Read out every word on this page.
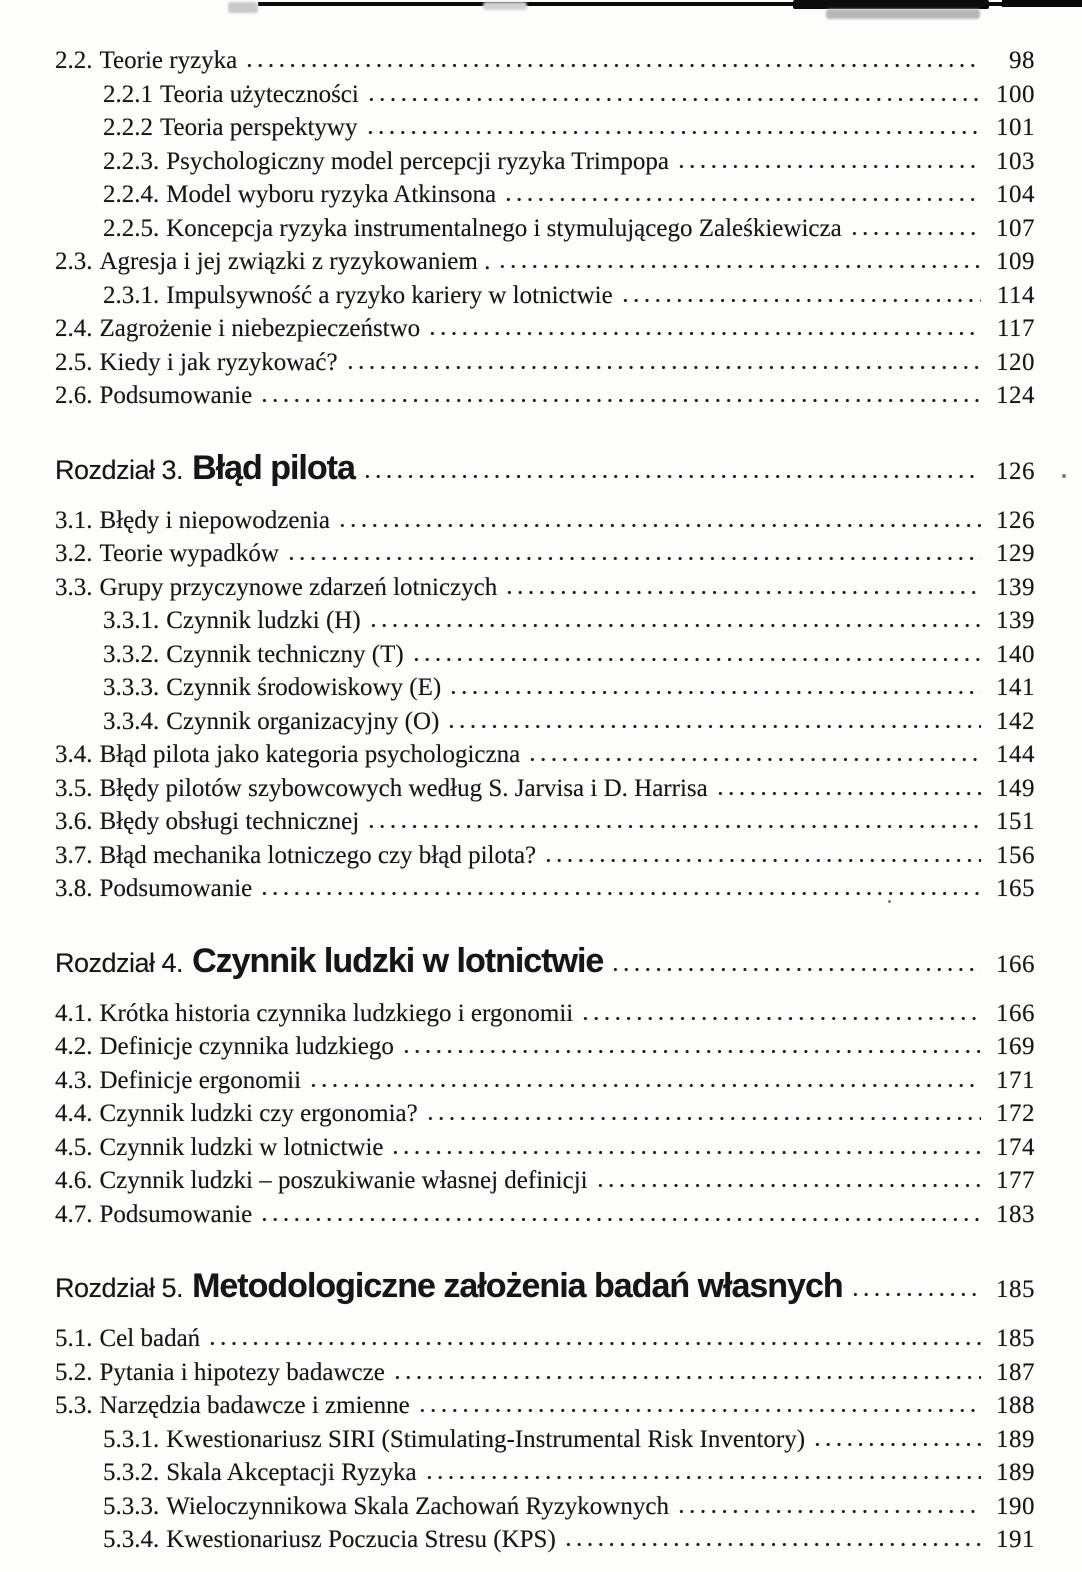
2.2. Teorie ryzyka	98
2.2.1 Teoria użyteczności	100
2.2.2 Teoria perspektywy	101
2.2.3. Psychologiczny model percepcji ryzyka Trimpopa	103
2.2.4. Model wyboru ryzyka Atkinsona	104
2.2.5. Koncepcja ryzyka instrumentalnego i stymulującego Zaleśkiewicza	107
2.3. Agresja i jej związki z ryzykowaniem .	109
2.3.1. Impulsywność a ryzyko kariery w lotnictwie	114
2.4. Zagrożenie i niebezpieczeństwo	117
2.5. Kiedy i jak ryzykować?	120
2.6. Podsumowanie	124
Rozdział 3. Błąd pilota	126
3.1. Błędy i niepowodzenia	126
3.2. Teorie wypadków	129
3.3. Grupy przyczynowe zdarzeń lotniczych	139
3.3.1. Czynnik ludzki (H)	139
3.3.2. Czynnik techniczny (T)	140
3.3.3. Czynnik środowiskowy (E)	141
3.3.4. Czynnik organizacyjny (O)	142
3.4. Błąd pilota jako kategoria psychologiczna	144
3.5. Błędy pilotów szybowcowych według S. Jarvisa i D. Harrisa	149
3.6. Błędy obsługi technicznej	151
3.7. Błąd mechanika lotniczego czy błąd pilota?	156
3.8. Podsumowanie	165
Rozdział 4. Czynnik ludzki w lotnictwie	166
4.1. Krótka historia czynnika ludzkiego i ergonomii	166
4.2. Definicje czynnika ludzkiego	169
4.3. Definicje ergonomii	171
4.4. Czynnik ludzki czy ergonomia?	172
4.5. Czynnik ludzki w lotnictwie	174
4.6. Czynnik ludzki – poszukiwanie własnej definicji	177
4.7. Podsumowanie	183
Rozdział 5. Metodologiczne założenia badań własnych	185
5.1. Cel badań	185
5.2. Pytania i hipotezy badawcze	187
5.3. Narzędzia badawcze i zmienne	188
5.3.1. Kwestionariusz SIRI (Stimulating-Instrumental Risk Inventory)	189
5.3.2. Skala Akceptacji Ryzyka	189
5.3.3. Wieloczynnikowa Skala Zachowań Ryzykownych	190
5.3.4. Kwestionariusz Poczucia Stresu (KPS)	191
